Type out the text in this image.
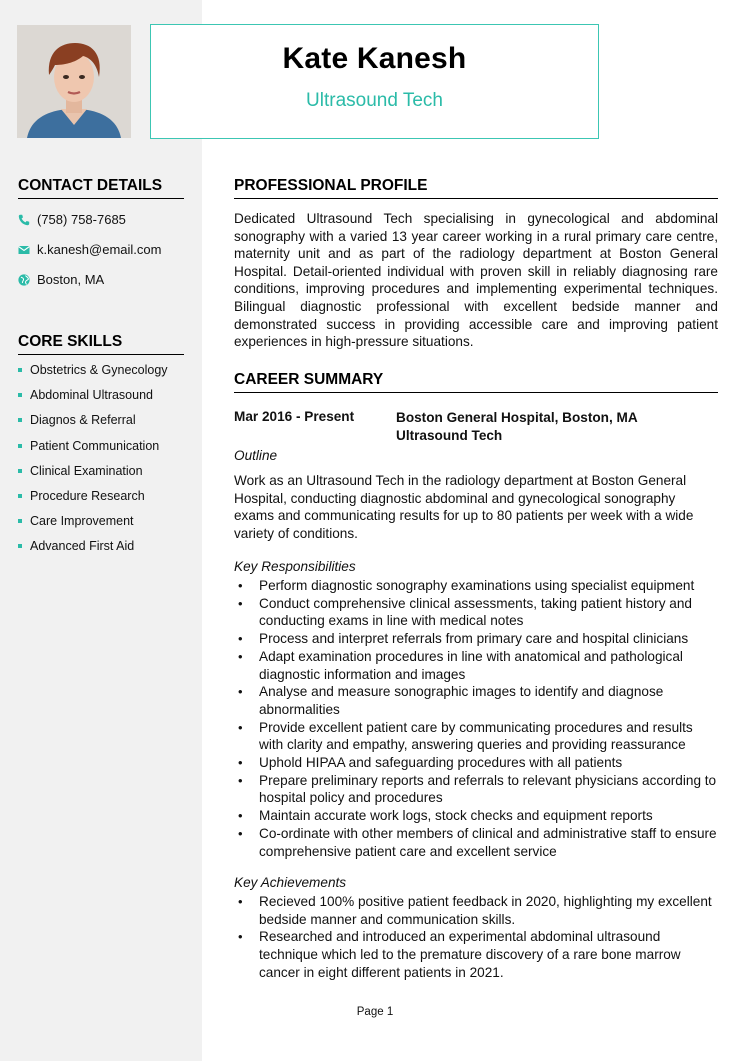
Kate Kanesh
Ultrasound Tech
CONTACT DETAILS
(758) 758-7685
k.kanesh@email.com
Boston, MA
CORE SKILLS
Obstetrics & Gynecology
Abdominal Ultrasound
Diagnos & Referral
Patient Communication
Clinical Examination
Procedure Research
Care Improvement
Advanced First Aid
PROFESSIONAL PROFILE
Dedicated Ultrasound Tech specialising in gynecological and abdominal sonography with a varied 13 year career working in a rural primary care centre, maternity unit and as part of the radiology department at Boston General Hospital. Detail-oriented individual with proven skill in reliably diagnosing rare conditions, improving procedures and implementing experimental techniques. Bilingual diagnostic professional with excellent bedside manner and demonstrated success in providing accessible care and improving patient experiences in high-pressure situations.
CAREER SUMMARY
Mar 2016 - Present	Boston General Hospital, Boston, MA
Ultrasound Tech
Outline
Work as an Ultrasound Tech in the radiology department at Boston General Hospital, conducting diagnostic abdominal and gynecological sonography exams and communicating results for up to 80 patients per week with a wide variety of conditions.
Key Responsibilities
• Perform diagnostic sonography examinations using specialist equipment
• Conduct comprehensive clinical assessments, taking patient history and conducting exams in line with medical notes
• Process and interpret referrals from primary care and hospital clinicians
• Adapt examination procedures in line with anatomical and pathological diagnostic information and images
• Analyse and measure sonographic images to identify and diagnose abnormalities
• Provide excellent patient care by communicating procedures and results with clarity and empathy, answering queries and providing reassurance
• Uphold HIPAA and safeguarding procedures with all patients
• Prepare preliminary reports and referrals to relevant physicians according to hospital policy and procedures
• Maintain accurate work logs, stock checks and equipment reports
• Co-ordinate with other members of clinical and administrative staff to ensure comprehensive patient care and excellent service
Key Achievements
• Recieved 100% positive patient feedback in 2020, highlighting my excellent bedside manner and communication skills.
• Researched and introduced an experimental abdominal ultrasound technique which led to the premature discovery of a rare bone marrow cancer in eight different patients in 2021.
Page 1
